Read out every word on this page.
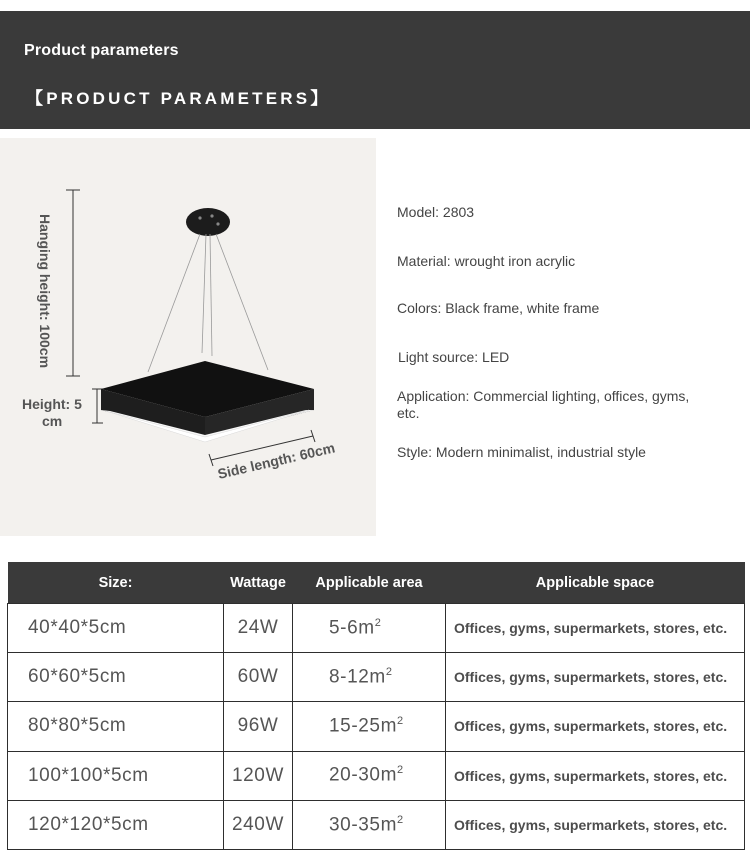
Product parameters
【PRODUCT PARAMETERS】
Hanging height: 100cm
Height: 5
cm
Side length: 60cm
Model: 2803
Material: wrought iron acrylic
Colors: Black frame, white frame
Light source: LED
Application: Commercial lighting, offices, gyms,
etc.
Style: Modern minimalist, industrial style
Size:	Wattage	Applicable area	Applicable space
40*40*5cm	24W	$5-6m^2$	Offices, gyms, supermarkets, stores, etc.
60*60*5cm	60W	$8-12m^2$	Offices, gyms, supermarkets, stores, etc.
80*80*5cm	96W	$15-25m^2$	Offices, gyms, supermarkets, stores, etc.
100*100*5cm	120W	$20-30m^2$	Offices, gyms, supermarkets, stores, etc.
120*120*5cm	240W	$30-35m^2$	Offices, gyms, supermarkets, stores, etc.
